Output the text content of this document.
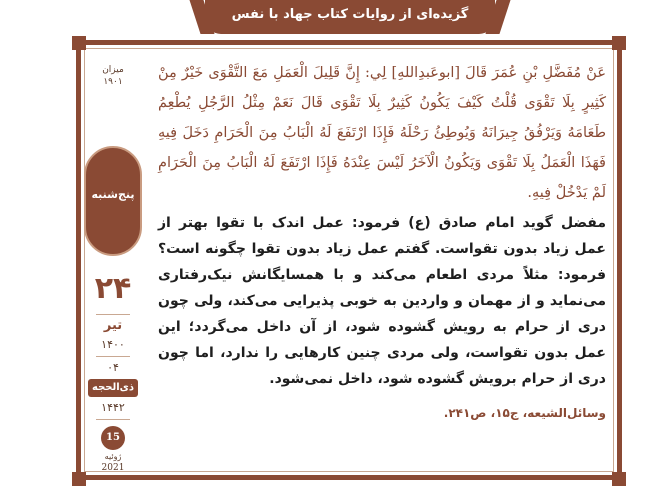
گزیده‌ای از روایات کتاب جهاد با نفس
میزان
۱۹۰۱
پنج‌شنبه
۲۴
تیر
۱۴۰۰
۰۴
ذی‌الحجه
۱۴۴۲
15
ژوئیه
2021
عَنْ مُفَضَّلِ بْنِ عُمَرَ قَالَ [ابوعَبدِاللهِ] لِي: إِنَّ قَلِيلَ الْعَمَلِ مَعَ التَّقْوَى خَيْرٌ مِنْ كَثِيرٍ بِلَا تَقْوَى قُلْتُ كَيْفَ يَكُونُ كَثِيرٌ بِلَا تَقْوَى قَالَ نَعَمْ مِثْلُ الرَّجُلِ يُطْعِمُ طَعَامَهُ وَيَرْفُقُ جِيرَانَهُ وَيُوطِئُ رَحْلَهُ فَإِذَا ارْتَفَعَ لَهُ الْبَابُ مِنَ الْحَرَامِ دَخَلَ فِيهِ فَهَذَا الْعَمَلُ بِلَا تَقْوَى وَيَكُونُ الْآخَرُ لَيْسَ عِنْدَهُ فَإِذَا ارْتَفَعَ لَهُ الْبَابُ مِنَ الْحَرَامِ لَمْ يَدْخُلْ فِيهِ.
مفضل گوید امام صادق (ع) فرمود: عمل اندک با تقوا بهتر از عمل زیاد بدون تقواست. گفتم عمل زیاد بدون تقوا چگونه است؟ فرمود: مثلاً مردی اطعام می‌کند و با همسایگانش نیک‌رفتاری می‌نماید و از مهمان و واردین به خوبی پذیرایی می‌کند، ولی چون دری از حرام به رویش گشوده شود، از آن داخل می‌گردد؛ این عمل بدون تقواست، ولی مردی چنین کارهایی را ندارد، اما چون دری از حرام برویش گشوده شود، داخل نمی‌شود.
وسائل‌الشیعه، ج۱۵، ص۲۴۱.
